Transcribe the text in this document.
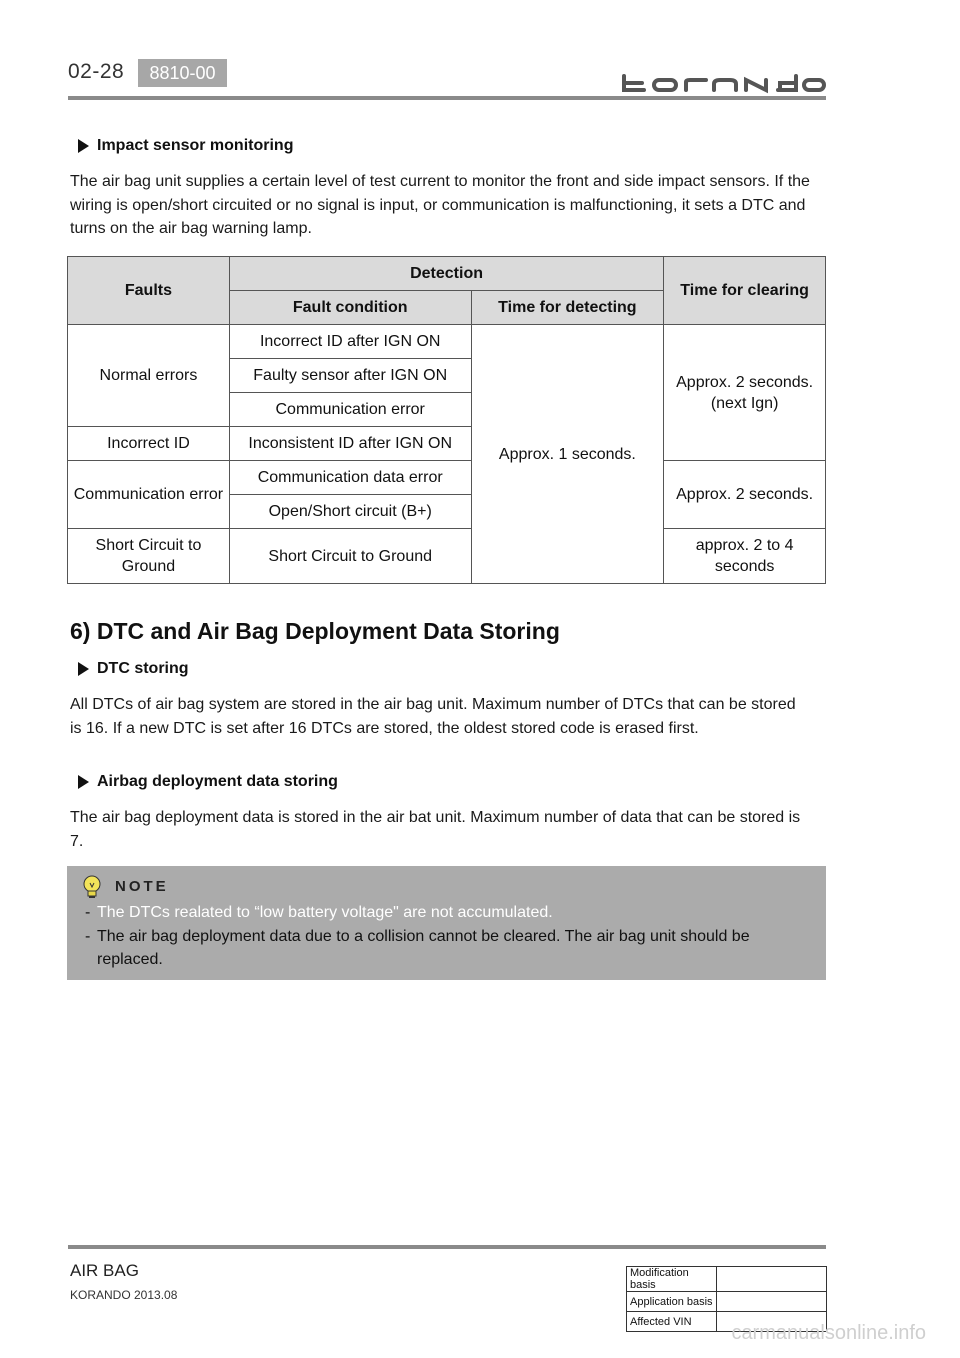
02-28	8810-00
Impact sensor monitoring
The air bag unit supplies a certain level of test current to monitor the front and side impact sensors. If the
wiring is open/short circuited or no signal is input, or communication is malfunctioning, it sets a DTC and
turns on the air bag warning lamp.
Faults	Detection		Time for clearing
	Fault condition	Time for detecting	
Normal errors	Incorrect ID after IGN ON	Approx. 1 seconds.	Approx. 2 seconds.
(next Ign)

	Faulty sensor after IGN ON		
	Communication error		
Incorrect ID	Inconsistent ID after IGN ON		
Communication error	Communication data error		Approx. 2 seconds.
	Open/Short circuit (B+)		
Short Circuit to Ground	Short Circuit to Ground		approx. 2 to 4
seconds
6) DTC and Air Bag Deployment Data Storing
DTC storing
All DTCs of air bag system are stored in the air bag unit. Maximum number of DTCs that can be stored
is 16. If a new DTC is set after 16 DTCs are stored, the oldest stored code is erased first.
Airbag deployment data storing
The air bag deployment data is stored in the air bat unit. Maximum number of data that can be stored is
7.
NOTE
- The DTCs realated to “low battery voltage" are not accumulated.
- The air bag deployment data due to a collision cannot be cleared. The air bag unit should be replaced.
AIR BAG
KORANDO 2013.08
Modification basis	
Application basis	
Affected VIN	
carmanualsonline.info
